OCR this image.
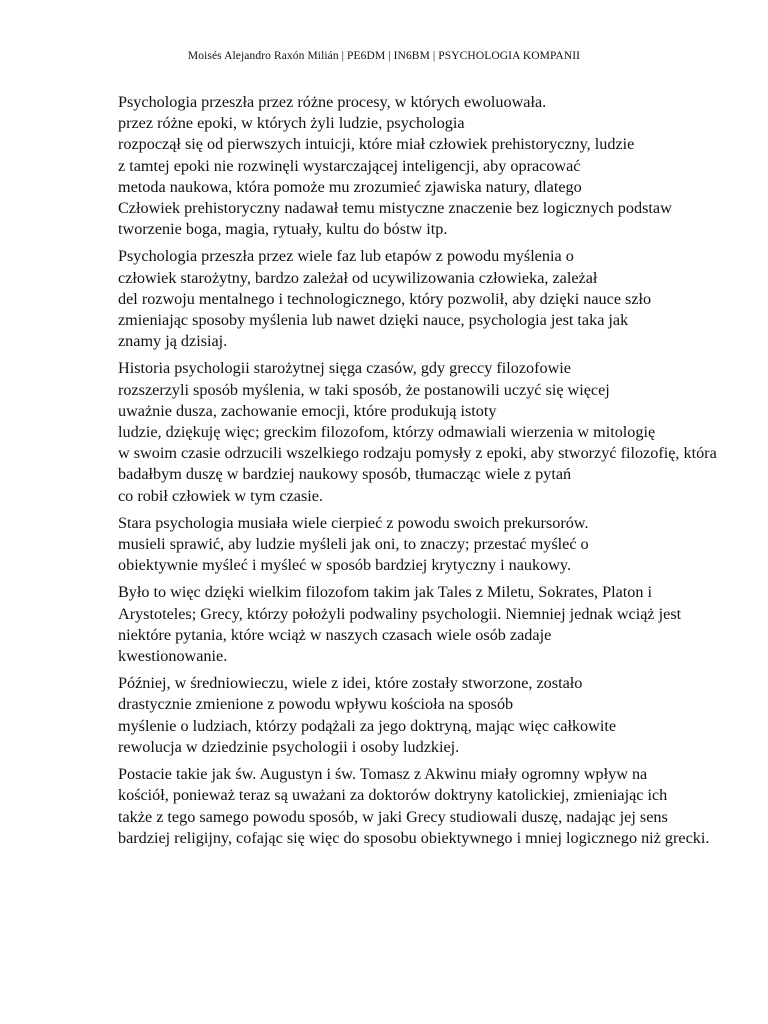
Moisés Alejandro Raxón Milián | PE6DM | IN6BM | PSYCHOLOGIA KOMPANII

Psychologia przeszła przez różne procesy, w których ewoluowała.
przez różne epoki, w których żyli ludzie, psychologia
rozpoczął się od pierwszych intuicji, które miał człowiek prehistoryczny, ludzie
z tamtej epoki nie rozwinęli wystarczającej inteligencji, aby opracować
metoda naukowa, która pomoże mu zrozumieć zjawiska natury, dlatego
Człowiek prehistoryczny nadawał temu mistyczne znaczenie bez logicznych podstaw
tworzenie boga, magia, rytuały, kultu do bóstw itp.

Psychologia przeszła przez wiele faz lub etapów z powodu myślenia o
człowiek starożytny, bardzo zależał od ucywilizowania człowieka, zależał
del rozwoju mentalnego i technologicznego, który pozwolił, aby dzięki nauce szło
zmieniając sposoby myślenia lub nawet dzięki nauce, psychologia jest taka jak
znamy ją dzisiaj.

Historia psychologii starożytnej sięga czasów, gdy greccy filozofowie
rozszerzyli sposób myślenia, w taki sposób, że postanowili uczyć się więcej
uważnie dusza, zachowanie emocji, które produkują istoty
ludzie, dziękuję więc; greckim filozofom, którzy odmawiali wierzenia w mitologię
w swoim czasie odrzucili wszelkiego rodzaju pomysły z epoki, aby stworzyć filozofię, która
badałbym duszę w bardziej naukowy sposób, tłumacząc wiele z pytań
co robił człowiek w tym czasie.

Stara psychologia musiała wiele cierpieć z powodu swoich prekursorów.
musieli sprawić, aby ludzie myśleli jak oni, to znaczy; przestać myśleć o
obiektywnie myśleć i myśleć w sposób bardziej krytyczny i naukowy.

Było to więc dzięki wielkim filozofom takim jak Tales z Miletu, Sokrates, Platon i
Arystoteles; Grecy, którzy położyli podwaliny psychologii. Niemniej jednak wciąż jest
niektóre pytania, które wciąż w naszych czasach wiele osób zadaje
kwestionowanie.

Później, w średniowieczu, wiele z idei, które zostały stworzone, zostało
drastycznie zmienione z powodu wpływu kościoła na sposób
myślenie o ludziach, którzy podążali za jego doktryną, mając więc całkowite
rewolucja w dziedzinie psychologii i osoby ludzkiej.

Postacie takie jak św. Augustyn i św. Tomasz z Akwinu miały ogromny wpływ na
kościół, ponieważ teraz są uważani za doktorów doktryny katolickiej, zmieniając ich
także z tego samego powodu sposób, w jaki Grecy studiowali duszę, nadając jej sens
bardziej religijny, cofając się więc do sposobu obiektywnego i mniej logicznego niż grecki.
